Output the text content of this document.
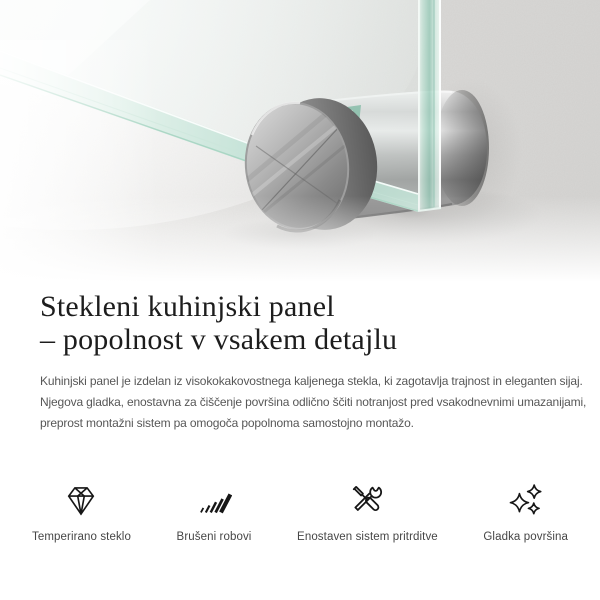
Stekleni kuhinjski panel
– popolnost v vsakem detajlu

Kuhinjski panel je izdelan iz visokokakovostnega kaljenega stekla, ki zagotavlja trajnost in eleganten sijaj.
Njegova gladka, enostavna za čiščenje površina odlično ščiti notranjost pred vsakodnevnimi umazanijami,
preprost montažni sistem pa omogoča popolnoma samostojno montažo.

Temperirano steklo	Brušeni robovi	Enostaven sistem pritrditve	Gladka površina
